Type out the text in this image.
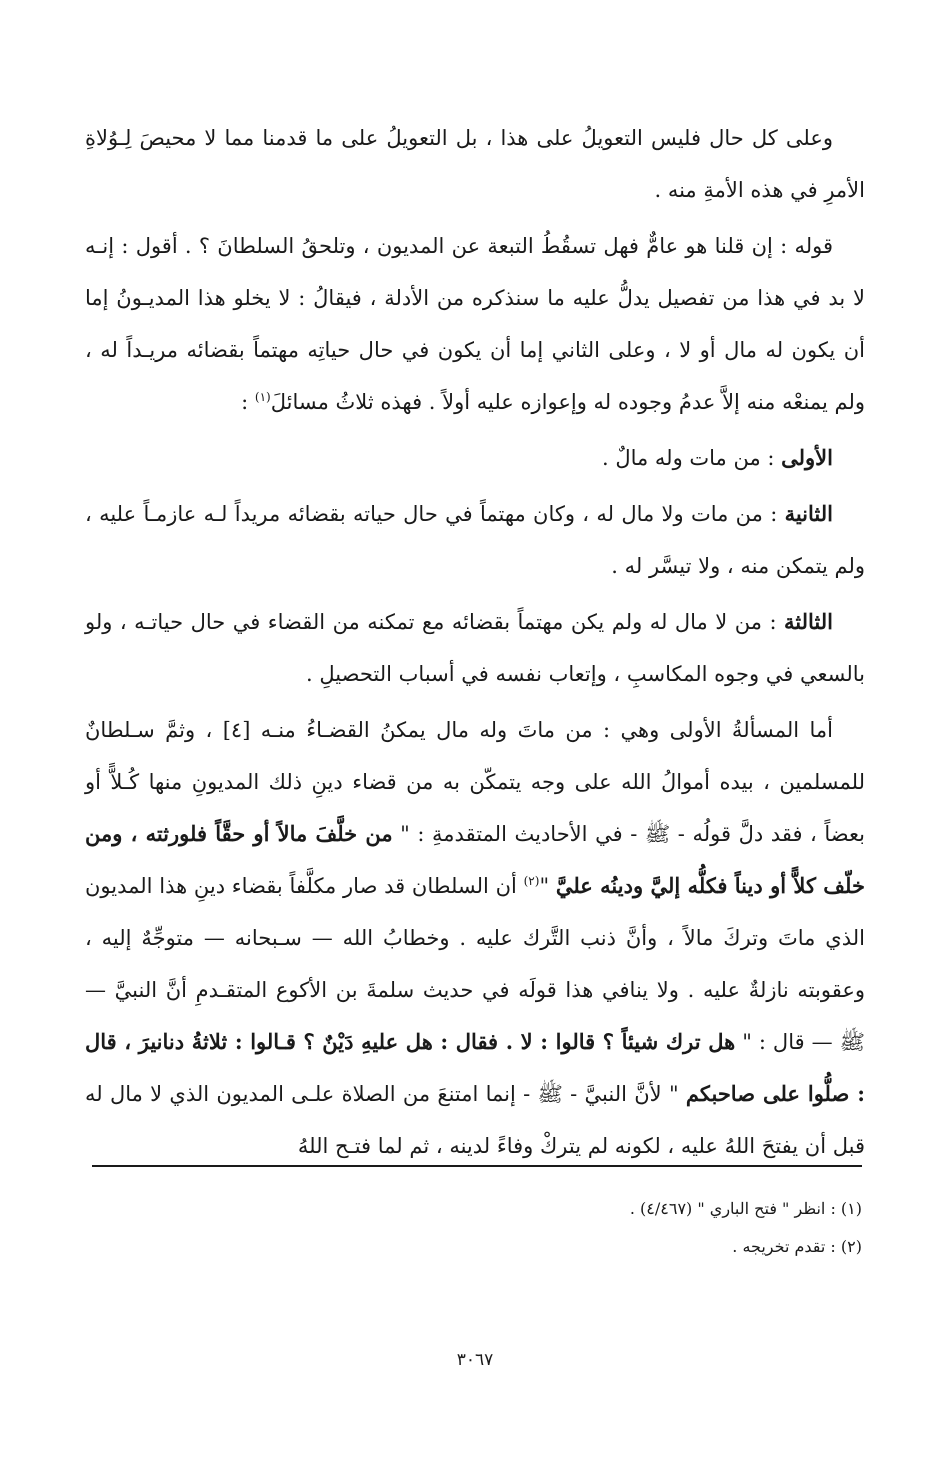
وعلى كل حال فليس التعويلُ على هذا ، بل التعويلُ على ما قدمنا مما لا محيصَ لِـوُلاةِ الأمرِ في هذه الأمةِ منه .

قوله : إن قلنا هو عامٌّ فهل تسقُطُ التبعة عن المديون ، وتلحقُ السلطانَ ؟ . أقول : إنـه لا بد في هذا من تفصيل يدلُّ عليه ما سنذكره من الأدلة ، فيقالُ : لا يخلو هذا المديـونُ إما أن يكون له مال أو لا ، وعلى الثاني إما أن يكون في حال حياتِه مهتماً بقضائه مريـداً له ، ولم يمنعْه منه إلاَّ عدمُ وجوده له وإعوازه عليه أولاً . فهذه ثلاثُ مسائلَ$^{(١)}$ :

الأولى : من مات وله مالٌ .

الثانية : من مات ولا مال له ، وكان مهتماً في حال حياته بقضائه مريداً لـه عازمـاً عليه ، ولم يتمكن منه ، ولا تيسَّر له .

الثالثة : من لا مال له ولم يكن مهتماً بقضائه مع تمكنه من القضاء في حال حياتـه ، ولو بالسعي في وجوه المكاسبِ ، وإتعاب نفسه في أسباب التحصيلِ .

أما المسألةُ الأولى وهي : من ماتَ وله مال يمكنُ القضـاءُ منـه [٤] ، وثمَّ سـلطانٌ للمسلمين ، بيده أموالُ الله على وجه يتمكّن به من قضاء دينِ ذلك المديونِ منها كُـلاًّ أو بعضاً ، فقد دلَّ قولُه - ﷺ - في الأحاديث المتقدمةِ : " من خلَّفَ مالاً أو حقَّاً فلورثته ، ومن خلّف كلاًّ أو ديناً فكلُّه إليَّ ودينُه عليَّ "$^{(٢)}$ أن السلطان قد صار مكلَّفاً بقضاء دينِ هذا المديون الذي ماتَ وتركَ مالاً ، وأنَّ ذنب التَّرك عليه . وخطابُ الله — سـبحانه — متوجِّهٌ إليه ، وعقوبته نازلةٌ عليه . ولا ينافي هذا قولَه في حديث سلمةَ بن الأكوع المتقـدمِ أنَّ النبيَّ — ﷺ — قال : " هل ترك شيئاً ؟ قالوا : لا . فقال : هل عليهِ دَيْنٌ ؟ قـالوا : ثلاثةُ دنانيرَ ، قال : صلُّوا على صاحبكم " لأنَّ النبيَّ - ﷺ - إنما امتنعَ من الصلاة علـى المديون الذي لا مال له قبل أن يفتحَ اللهُ عليه ، لكونه لم يتركْ وفاءً لدينه ، ثم لما فتـح اللهُ

(١) : انظر " فتح الباري " (٤/٤٦٧) .

(٢) : تقدم تخريجه .

٣٠٦٧
